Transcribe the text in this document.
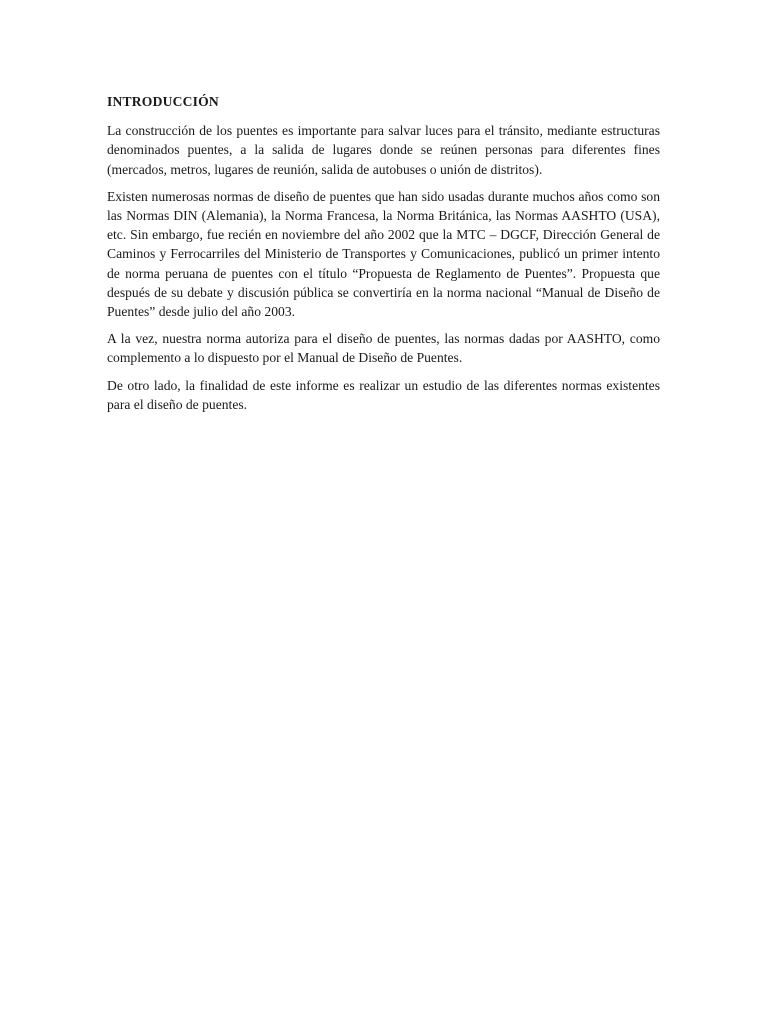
INTRODUCCIÓN

La construcción de los puentes es importante para salvar luces para el tránsito, mediante estructuras denominados puentes, a la salida de lugares donde se reúnen personas para diferentes fines (mercados, metros, lugares de reunión, salida de autobuses o unión de distritos).

Existen numerosas normas de diseño de puentes que han sido usadas durante muchos años como son las Normas DIN (Alemania), la Norma Francesa, la Norma Británica, las Normas AASHTO (USA), etc. Sin embargo, fue recién en noviembre del año 2002 que la MTC – DGCF, Dirección General de Caminos y Ferrocarriles del Ministerio de Transportes y Comunicaciones, publicó un primer intento de norma peruana de puentes con el título “Propuesta de Reglamento de Puentes”. Propuesta que después de su debate y discusión pública se convertiría en la norma nacional “Manual de Diseño de Puentes” desde julio del año 2003.

A la vez, nuestra norma autoriza para el diseño de puentes, las normas dadas por AASHTO, como complemento a lo dispuesto por el Manual de Diseño de Puentes.

De otro lado, la finalidad de este informe es realizar un estudio de las diferentes normas existentes para el diseño de puentes.
